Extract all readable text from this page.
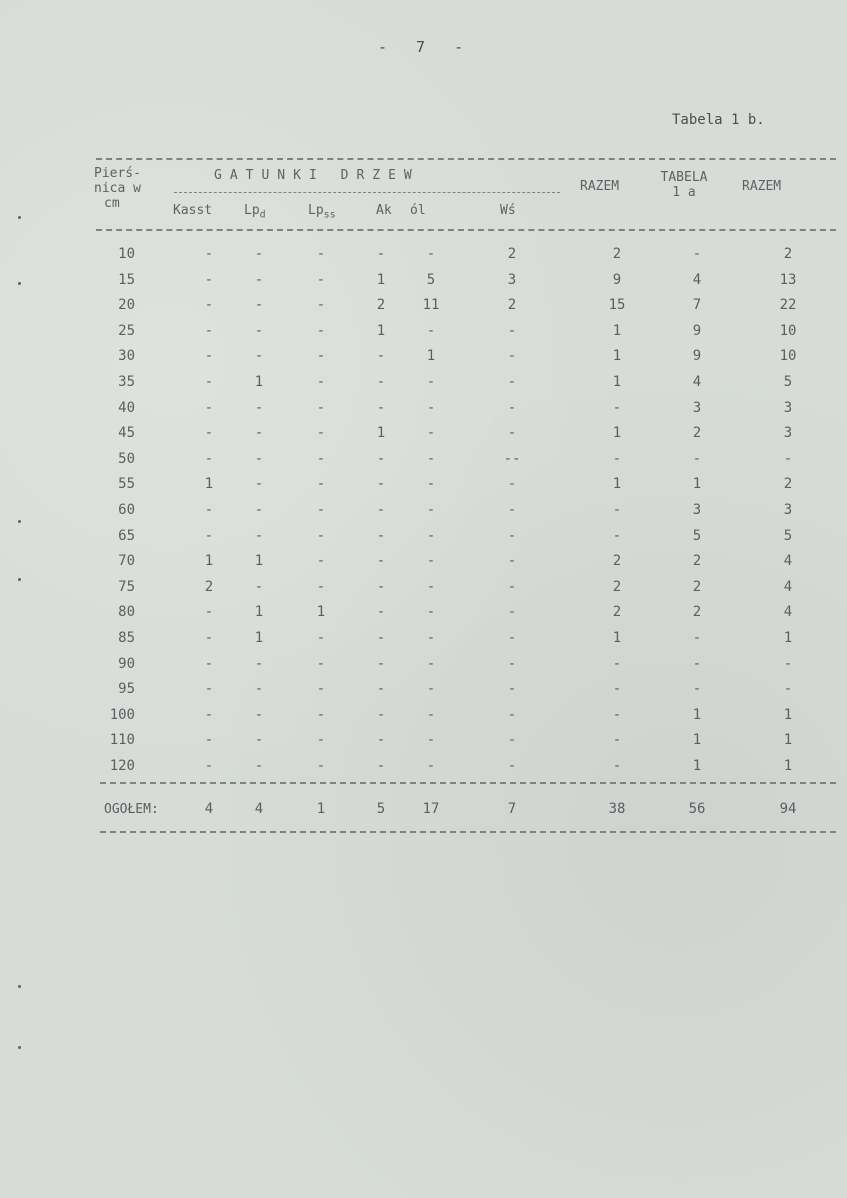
- 7 -
Tabela 1 b.
Pierś-
nica w
cm
GATUNKI DRZEW
Kasst $Lp_d$	$Lp_{ss}$	Ak ól	Wś
RAZEM
TABELA
1 a	RAZEM
10	-	-	-	-	-	2	2	-	2
15	-	-	-	1	5	3	9	4	13
20	-	-	-	2	11	2	15	7	22
25	-	-	-	1	-	-	1	9	10
30	-	-	-	-	1	-	1	9	10
35	-	1	-	-	-	-	1	4	5
40	-	-	-	-	-	-	-	3	3
45	-	-	-	1	-	-	1	2	3
50	-	-	-	-	-	--	-	-	-
55	1	-	-	-	-	-	1	1	2
60	-	-	-	-	-	-	-	3	3
65	-	-	-	-	-	-	-	5	5
70	1	1	-	-	-	-	2	2	4
75	2	-	-	-	-	-	2	2	4
80	-	1	1	-	-	-	2	2	4
85	-	1	-	-	-	-	1	-	1
90	-	-	-	-	-	-	-	-	-
95	-	-	-	-	-	-	-	-	-
100	-	-	-	-	-	-	-	1	1
110	-	-	-	-	-	-	-	1	1
120	-	-	-	-	-	-	-	1	1
OGOŁEM:	4	4	1	5	17	7	38	56	94
